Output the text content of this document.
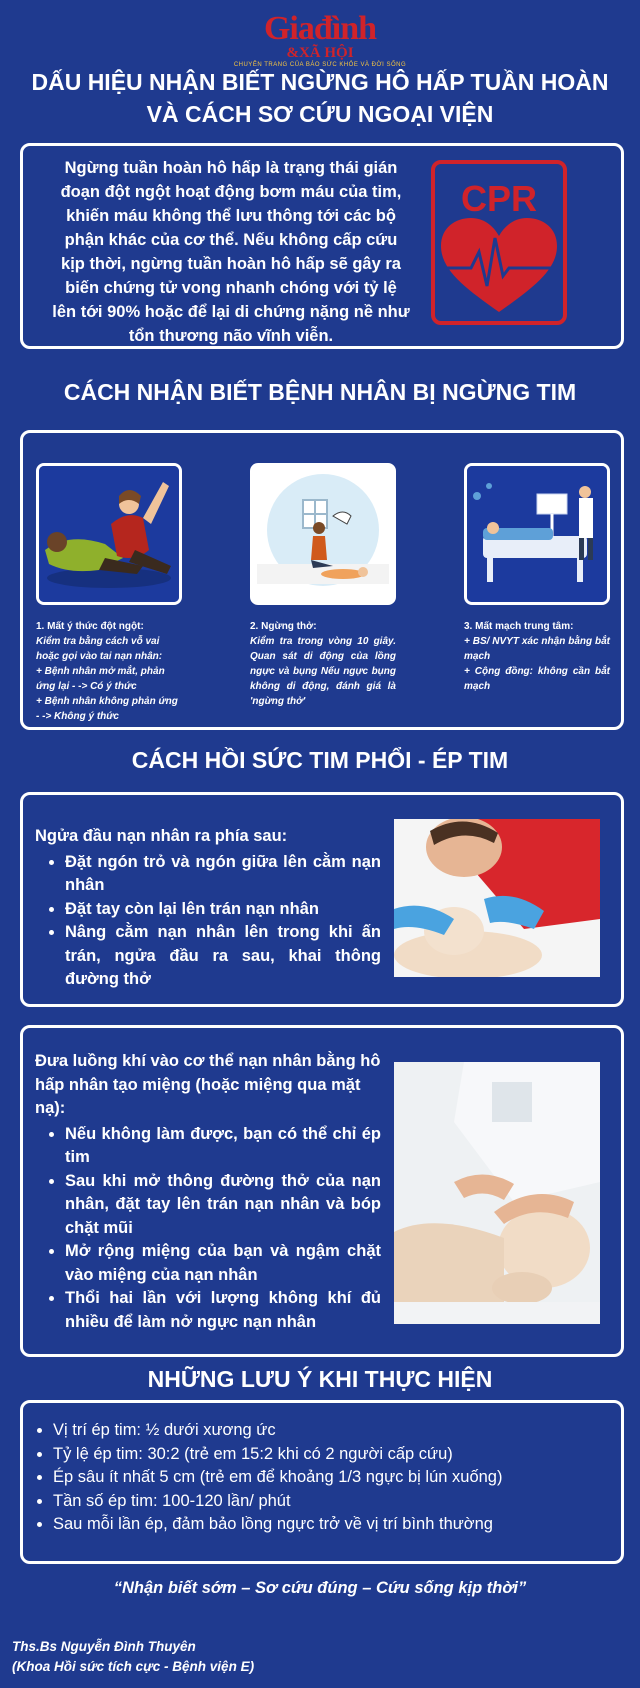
Giađình
&XÃ HỘI
CHUYÊN TRANG CỦA BÁO SỨC KHỎE VÀ ĐỜI SỐNG
DẤU HIỆU NHẬN BIẾT NGỪNG HÔ HẤP TUẦN HOÀN VÀ CÁCH SƠ CỨU NGOẠI VIỆN
Ngừng tuần hoàn hô hấp là trạng thái gián đoạn đột ngột hoạt động bơm máu của tim, khiến máu không thể lưu thông tới các bộ phận khác của cơ thể. Nếu không cấp cứu kịp thời, ngừng tuần hoàn hô hấp sẽ gây ra biến chứng tử vong nhanh chóng với tỷ lệ lên tới 90% hoặc để lại di chứng nặng nề như tổn thương não vĩnh viễn.
CPR
CÁCH NHẬN BIẾT BỆNH NHÂN BỊ NGỪNG TIM
1. Mất ý thức đột ngột:
Kiểm tra bằng cách vỗ vai hoặc gọi vào tai nạn nhân:
+ Bệnh nhân mở mắt, phản ứng lại - -> Có ý thức
+ Bệnh nhân không phản ứng - -> Không ý thức
2. Ngừng thở:
Kiểm tra trong vòng 10 giây. Quan sát di động của lồng ngực và bụng Nếu ngực bụng không di động, đánh giá là 'ngừng thở'
3. Mất mạch trung tâm:
+ BS/ NVYT xác nhận bằng bắt mạch
+ Cộng đồng: không cần bắt mạch
CÁCH HỒI SỨC TIM PHỔI - ÉP TIM
Ngửa đầu nạn nhân ra phía sau:
• Đặt ngón trỏ và ngón giữa lên cằm nạn nhân
• Đặt tay còn lại lên trán nạn nhân
• Nâng cằm nạn nhân lên trong khi ấn trán, ngửa đầu ra sau, khai thông đường thở
Đưa luồng khí vào cơ thể nạn nhân bằng hô hấp nhân tạo miệng (hoặc miệng qua mặt nạ):
• Nếu không làm được, bạn có thể chỉ ép tim
• Sau khi mở thông đường thở của nạn nhân, đặt tay lên trán nạn nhân và bóp chặt mũi
• Mở rộng miệng của bạn và ngậm chặt vào miệng của nạn nhân
• Thổi hai lần với lượng không khí đủ nhiều để làm nở ngực nạn nhân
NHỮNG LƯU Ý KHI THỰC HIỆN
• Vị trí ép tim: ½ dưới xương ức
• Tỷ lệ ép tim: 30:2 (trẻ em 15:2 khi có 2 người cấp cứu)
• Ép sâu ít nhất 5 cm (trẻ em để khoảng 1/3 ngực bị lún xuống)
• Tần số ép tim: 100-120 lần/ phút
• Sau mỗi lần ép, đảm bảo lồng ngực trở về vị trí bình thường
“Nhận biết sớm – Sơ cứu đúng – Cứu sống kịp thời”
Ths.Bs Nguyễn Đình Thuyên
(Khoa Hồi sức tích cực - Bệnh viện E)
